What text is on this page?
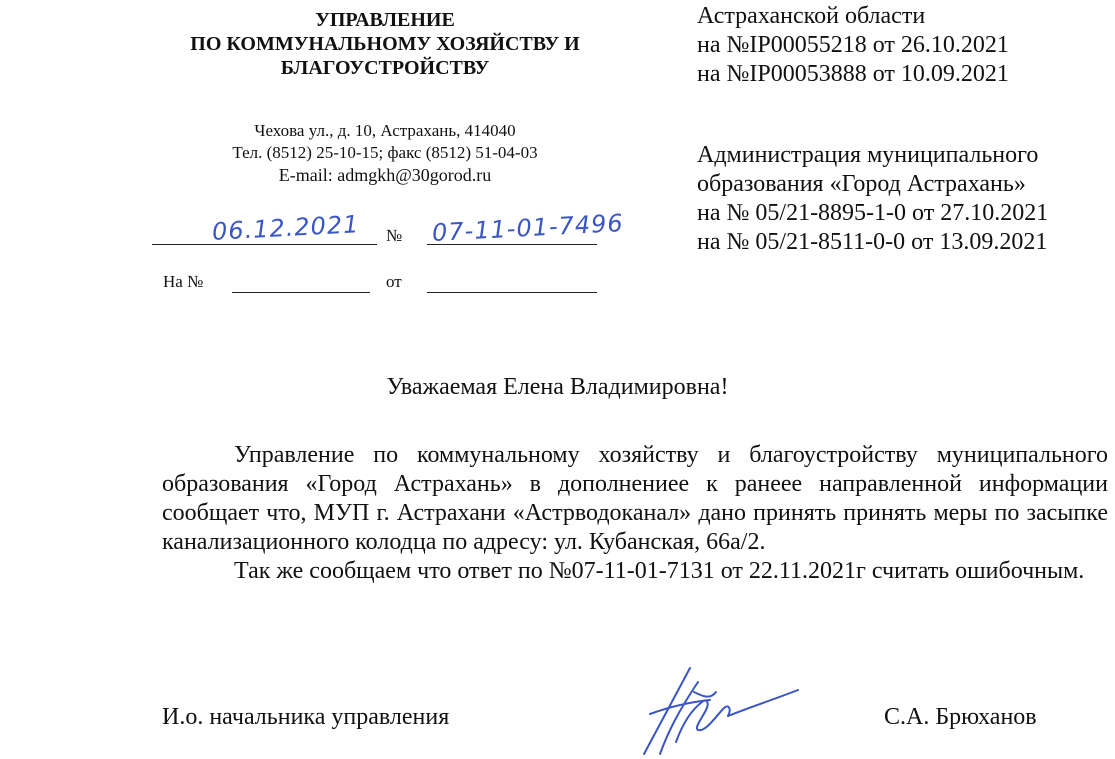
УПРАВЛЕНИЕ
ПО КОММУНАЛЬНОМУ ХОЗЯЙСТВУ И
БЛАГОУСТРОЙСТВУ
Чехова ул., д. 10, Астрахань, 414040
Тел. (8512) 25-10-15; факс (8512) 51-04-03
E-mail: admgkh@30gorod.ru
06.12.2021 № 07-11-01-7496
На №	от
Астраханской области
на №IP00055218 от 26.10.2021
на №IP00053888 от 10.09.2021
Администрация муниципального
образования «Город Астрахань»
на № 05/21-8895-1-0 от 27.10.2021
на № 05/21-8511-0-0 от 13.09.2021
Уважаемая Елена Владимировна!

Управление по коммунальному хозяйству и благоустройству муниципального образования «Город Астрахань» в дополнениее к ранеее направленной информации сообщает что, МУП г. Астрахани «Астрводоканал» дано принять принять меры по засыпке канализационного колодца по адресу: ул. Кубанская, 66а/2.

Так же сообщаем что ответ по №07-11-01-7131 от 22.11.2021г считать ошибочным.

И.о. начальника управления	С.А. Брюханов
